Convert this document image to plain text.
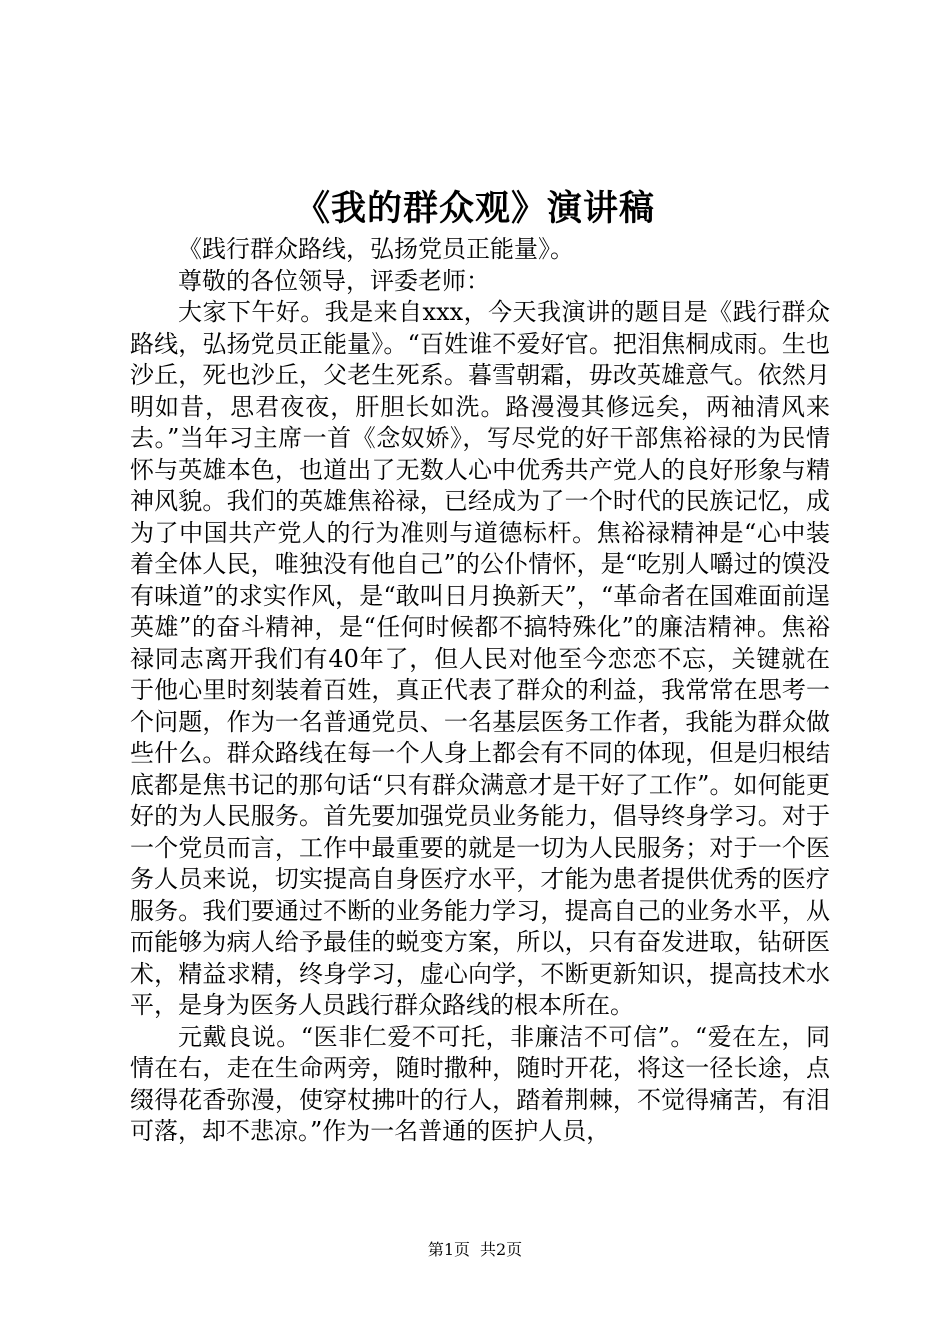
《我的群众观》演讲稿

《践行群众路线，弘扬党员正能量》。

尊敬的各位领导，评委老师：

大家下午好。我是来自xxx，今天我演讲的题目是《践行群众路线，弘扬党员正能量》。“百姓谁不爱好官。把泪焦桐成雨。生也沙丘，死也沙丘，父老生死系。暮雪朝霜，毋改英雄意气。依然月明如昔，思君夜夜，肝胆长如洗。路漫漫其修远矣，两袖清风来去。”当年习主席一首《念奴娇》，写尽党的好干部焦裕禄的为民情怀与英雄本色，也道出了无数人心中优秀共产党人的良好形象与精神风貌。我们的英雄焦裕禄，已经成为了一个时代的民族记忆，成为了中国共产党人的行为准则与道德标杆。焦裕禄精神是“心中装着全体人民，唯独没有他自己”的公仆情怀，是“吃别人嚼过的馍没有味道”的求实作风，是“敢叫日月换新天”，“革命者在国难面前逞英雄”的奋斗精神，是“任何时候都不搞特殊化”的廉洁精神。焦裕禄同志离开我们有40年了，但人民对他至今恋恋不忘，关键就在于他心里时刻装着百姓，真正代表了群众的利益，我常常在思考一个问题，作为一名普通党员、一名基层医务工作者，我能为群众做些什么。群众路线在每一个人身上都会有不同的体现，但是归根结底都是焦书记的那句话“只有群众满意才是干好了工作”。如何能更好的为人民服务。首先要加强党员业务能力，倡导终身学习。对于一个党员而言，工作中最重要的就是一切为人民服务；对于一个医务人员来说，切实提高自身医疗水平，才能为患者提供优秀的医疗服务。我们要通过不断的业务能力学习，提高自己的业务水平，从而能够为病人给予最佳的蜕变方案，所以，只有奋发进取，钻研医术，精益求精，终身学习，虚心向学，不断更新知识，提高技术水平，是身为医务人员践行群众路线的根本所在。

元戴良说。“医非仁爱不可托，非廉洁不可信”。“爱在左，同情在右，走在生命两旁，随时撒种，随时开花，将这一径长途，点缀得花香弥漫，使穿杖拂叶的行人，踏着荆棘，不觉得痛苦，有泪可落，却不悲凉。”作为一名普通的医护人员，

第1页 共2页
